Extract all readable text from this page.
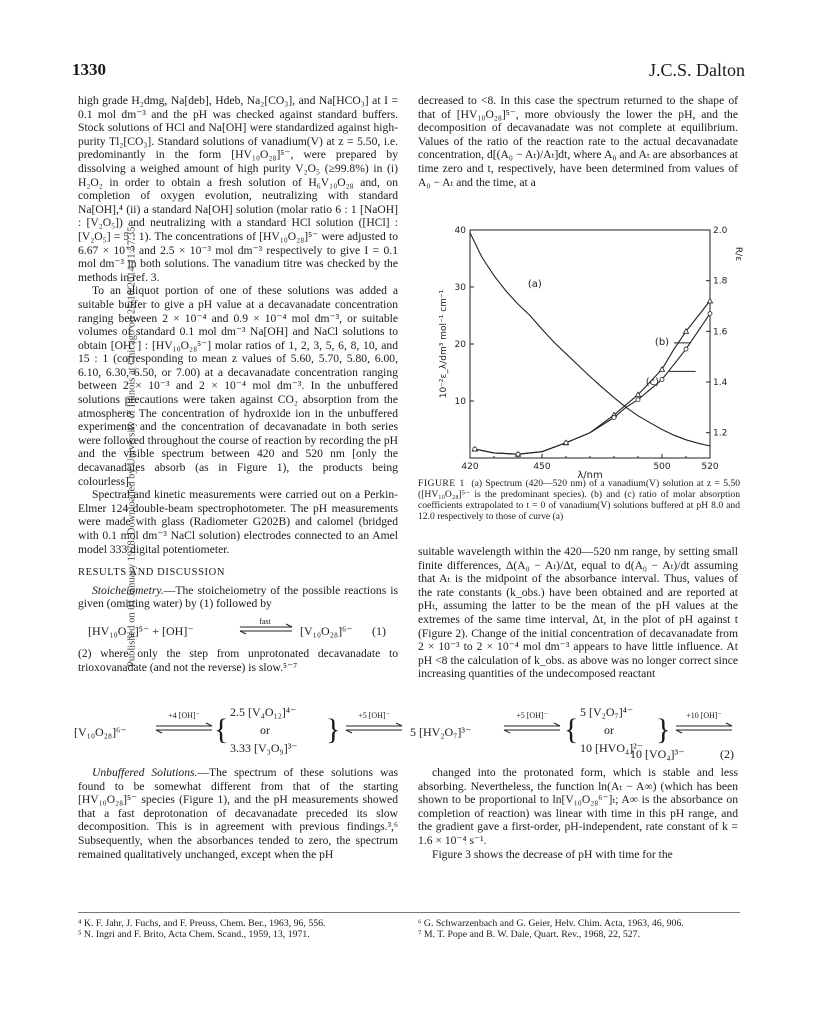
1330	J.C.S. Dalton
Published on 01 January 1978. Downloaded by University of Illinois at Chicago on 25/10/2014 11:57:35.

high grade H₂dmg, Na[deb], Hdeb, Na₂[CO₃], and Na[HCO₃] at I = 0.1 mol dm⁻³ and the pH was checked against standard buffers. Stock solutions of HCl and Na[OH] were standardized against high-purity Tl₂[CO₃]. Standard solutions of vanadium(V) at z = 5.50, i.e. predominantly in the form [HV₁₀O₂₈]⁵⁻, were prepared by dissolving a weighed amount of high purity V₂O₅ (≥99.8%) in (i) H₂O₂ in order to obtain a fresh solution of H₆V₁₀O₂₈ and, on completion of oxygen evolution, neutralizing with standard Na[OH],⁴ (ii) a standard Na[OH] solution (molar ratio 6 : 1 [NaOH] : [V₂O₅]) and neutralizing with a standard HCl solution ([HCl] : [V₂O₅] = 5 : 1). The concentrations of [HV₁₀O₂₈]⁵⁻ were adjusted to 6.67 × 10⁻³ and 2.5 × 10⁻³ mol dm⁻³ respectively to give I = 0.1 mol dm⁻³ in both solutions. The vanadium titre was checked by the methods in ref. 3.

To an aliquot portion of one of these solutions was added a suitable buffer to give a pH value at a decavanadate concentration ranging between 2 × 10⁻⁴ and 0.9 × 10⁻⁴ mol dm⁻³, or suitable volumes of standard 0.1 mol dm⁻³ Na[OH] and NaCl solutions to obtain [OH⁻] : [HV₁₀O₂₈⁵⁻] molar ratios of 1, 2, 3, 5, 6, 8, 10, and 15 : 1 (corresponding to mean z values of 5.60, 5.70, 5.80, 6.00, 6.10, 6.30, 6.50, or 7.00) at a decavanadate concentration ranging between 2 × 10⁻³ and 2 × 10⁻⁴ mol dm⁻³. In the unbuffered solutions precautions were taken against CO₂ absorption from the atmosphere. The concentration of hydroxide ion in the unbuffered experiments and the concentration of decavanadate in both series were followed throughout the course of reaction by recording the pH and the visible spectrum between 420 and 520 nm [only the decavanadates absorb (as in Figure 1), the products being colourless].

Spectral and kinetic measurements were carried out on a Perkin-Elmer 124 double-beam spectrophotometer. The pH measurements were made with glass (Radiometer G202B) and calomel (bridged with 0.1 mol dm⁻³ NaCl solution) electrodes connected to an Amel model 333 digital potentiometer.

RESULTS AND DISCUSSION

Stoicheiometry.—The stoicheiometry of the possible reactions is given (omitting water) by (1) followed by

[HV₁₀O₂₈]⁵⁻ + [OH]⁻
fast
[V₁₀O₂₈]⁶⁻ (1)

(2) where only the step from unprotonated decavanadate to trioxovanadate (and not the reverse) is slow.⁵⁻⁷

decreased to <8. In this case the spectrum returned to the shape of that of [HV₁₀O₂₈]⁵⁻, more obviously the lower the pH, and the decomposition of decavanadate was not complete at equilibrium. Values of the ratio of the reaction rate to the actual decavanadate concentration, d[(A₀ − Aₜ)/Aₜ]dt, where A₀ and Aₜ are absorbances at time zero and t, respectively, have been determined from values of A₀ − Aₜ and the time, at a

420	450	500	520
10
20
30
40
1.2
1.4
1.6
1.8
2.0
λ/nm
10⁻²ε_λ/dm³ mol⁻¹ cm⁻¹
R/ε
(a)
(b)
(c)

FIGURE 1 (a) Spectrum (420—520 nm) of a vanadium(V) solution at z = 5.50 ([HV₁₀O₂₈]⁵⁻ is the predominant species). (b) and (c) ratio of molar absorption coefficients extrapolated to t = 0 of vanadium(V) solutions buffered at pH 8.0 and 12.0 respectively to those of curve (a)

suitable wavelength within the 420—520 nm range, by setting small finite differences, Δ(A₀ − Aₜ)/Δt, equal to d(A₀ − Aₜ)/dt assuming that Aₜ is the midpoint of the absorbance interval. Thus, values of the rate constants (k_obs.) have been obtained and are reported at pHₜ, assuming the latter to be the mean of the pH values at the extremes of the same time interval, Δt, in the plot of pH against t (Figure 2). Change of the initial concentration of decavanadate from 2 × 10⁻³ to 2 × 10⁻⁴ mol dm⁻³ appears to have little influence. At pH <8 the calculation of k_obs. as above was no longer correct since increasing quantities of the undecomposed reactant

[V₁₀O₂₈]⁶⁻
+4 [OH]⁻ {
2.5 [V₄O₁₂]⁴⁻
or
3.33 [V₃O₉]³⁻
}	+5 [OH]⁻
5 [HV₂O₇]³⁻
+5 [OH]⁻ {
5 [V₂O₇]⁴⁻
or
10 [HVO₄]²⁻
}	+10 [OH]⁻
10 [VO₄]³⁻	(2)

Unbuffered Solutions.—The spectrum of these solutions was found to be somewhat different from that of the starting [HV₁₀O₂₈]⁵⁻ species (Figure 1), and the pH measurements showed that a fast deprotonation of decavanadate preceded its slow decomposition. This is in agreement with previous findings.³,⁶ Subsequently, when the absorbances tended to zero, the spectrum remained qualitatively unchanged, except when the pH

changed into the protonated form, which is stable and less absorbing. Nevertheless, the function ln(Aₜ − A∞) (which has been shown to be proportional to ln[V₁₀O₂₈⁶⁻]ₜ; A∞ is the absorbance on completion of reaction) was linear with time in this pH range, and the gradient gave a first-order, pH-independent, rate constant of k = 1.6 × 10⁻⁴ s⁻¹.

Figure 3 shows the decrease of pH with time for the

⁴ K. F. Jahr, J. Fuchs, and F. Preuss, Chem. Ber., 1963, 96, 556.
⁵ N. Ingri and F. Brito, Acta Chem. Scand., 1959, 13, 1971.
⁶ G. Schwarzenbach and G. Geier, Helv. Chim. Acta, 1963, 46, 906.
⁷ M. T. Pope and B. W. Dale, Quart. Rev., 1968, 22, 527.
